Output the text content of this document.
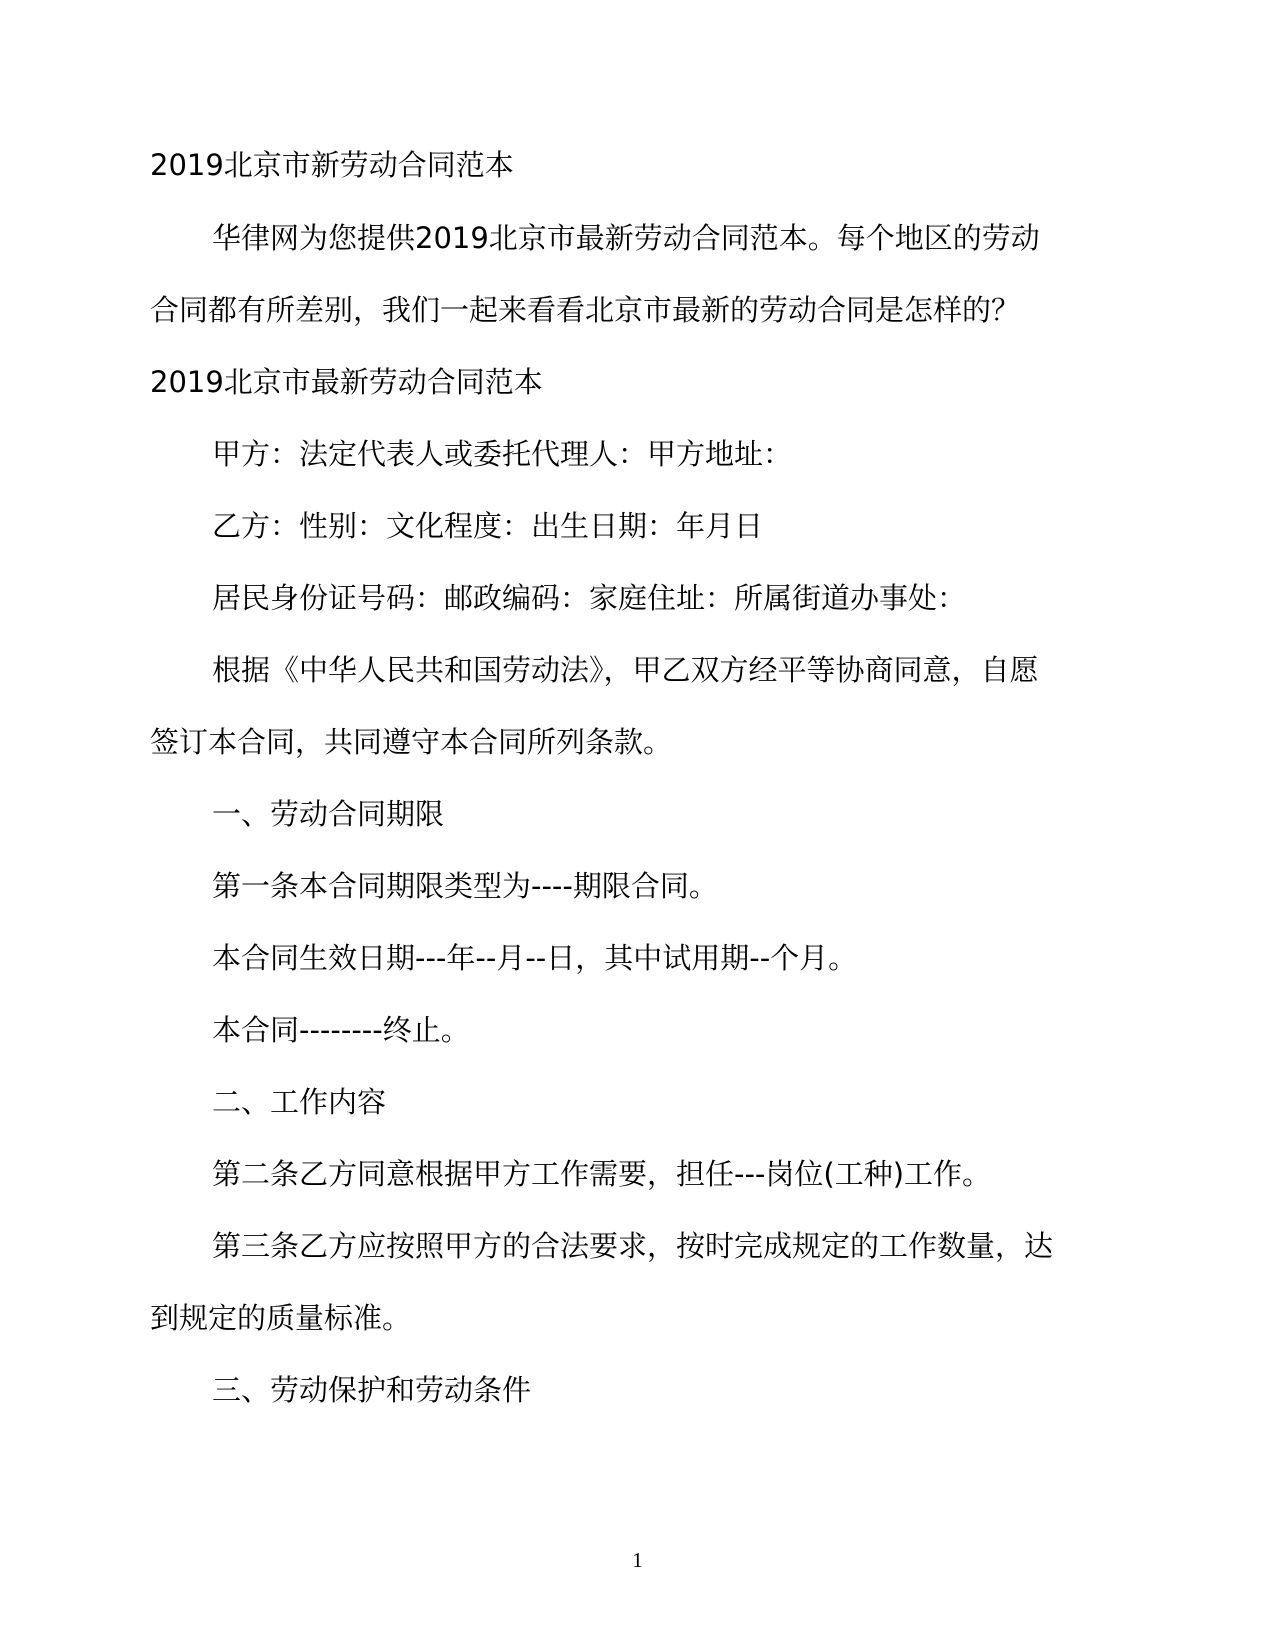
2019北京市新劳动合同范本
华律网为您提供2019北京市最新劳动合同范本。每个地区的劳动
合同都有所差别，我们一起来看看北京市最新的劳动合同是怎样的？
2019北京市最新劳动合同范本
甲方：法定代表人或委托代理人：甲方地址：
乙方：性别：文化程度：出生日期：年月日
居民身份证号码：邮政编码：家庭住址：所属街道办事处：
根据《中华人民共和国劳动法》，甲乙双方经平等协商同意，自愿
签订本合同，共同遵守本合同所列条款。
一、劳动合同期限
第一条本合同期限类型为----期限合同。
本合同生效日期---年--月--日，其中试用期--个月。
本合同--------终止。
二、工作内容
第二条乙方同意根据甲方工作需要，担任---岗位(工种)工作。
第三条乙方应按照甲方的合法要求，按时完成规定的工作数量，达
到规定的质量标准。
三、劳动保护和劳动条件
1
